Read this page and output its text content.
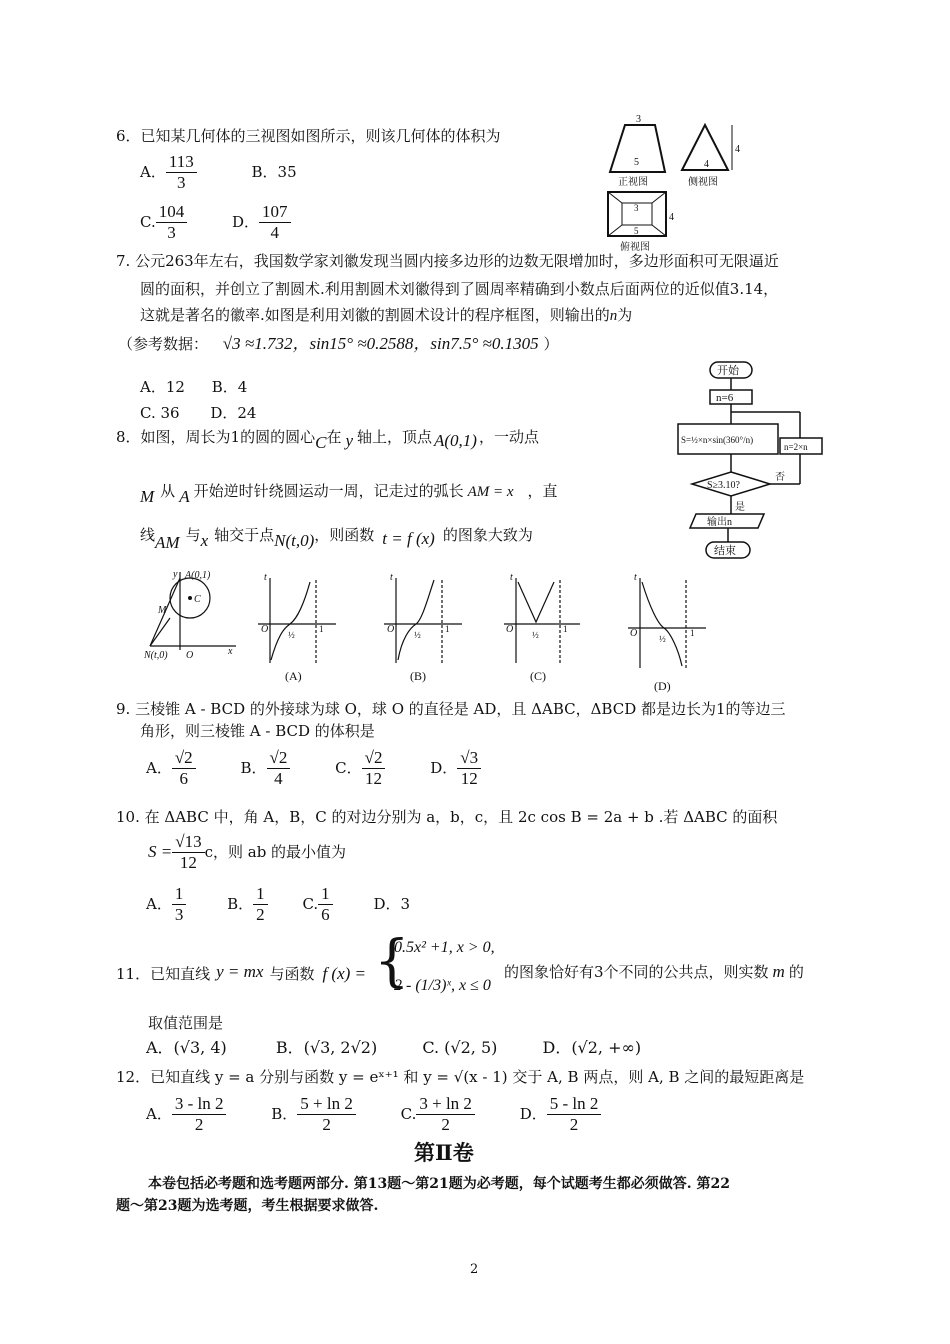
6．已知某几何体的三视图如图所示，则该几何体的体积为
A． $\frac{113}{3}$	B．35
C. $\frac{104}{3}$
	D． $\frac{107}{4}$
3
5
正视图
4
4
侧视图
3
5
4
俯视图
7. 公元263年左右，我国数学家刘徽发现当圆内接多边形的边数无限增加时，多边形面积可无限逼近
圆的面积，并创立了割圆术.利用割圆术刘徽得到了圆周率精确到小数点后面两位的近似值3.14，
这就是著名的徽率.如图是利用刘徽的割圆术设计的程序框图，则输出的n为
（参考数据： √3 ≈1.732，sin15° ≈0.2588，sin7.5° ≈0.1305 ）
A．12 B．4
C. 36 D．24
开始
n=6
S=½×n×sin(360°/n)
S≥3.10?
否
是
n=2×n
输出n
结束
8．如图，周长为1的圆的圆心C在 y 轴上，顶点 A(0,1) ，一动点
M 从 A 开始逆时针绕圆运动一周，记走过的弧长 AM = x ，直
线AM 与x 轴交于点N(t,0)，则函数 t = f (x) 的图象大致为
A(0,1)
y
C
M
N(t,0) O	x
t
O ½
1
(A)
t
O ½
1
(B)
t
O ½
1
(C)
t
O ½
1
(D)
9. 三棱锥 A - BCD 的外接球为球 O，球 O 的直径是 AD，且 ΔABC，ΔBCD 都是边长为1的等边三
角形，则三棱锥 A - BCD 的体积是
A． $\frac{√2}{6}$
	B． $\frac{√2}{4}$
	C． $\frac{√2}{12}$
	D． $\frac{√3}{12}$
10. 在 ΔABC 中，角 A，B，C 的对边分别为 a，b，c，且 2c cos B = 2a + b .若 ΔABC 的面积
$S = \frac{√13}{12}$ c，则 ab 的最小值为
A． $\frac{1}{3}$
	B． $\frac{1}{2}$
C. $\frac{1}{6}$	D．3
11．已知直线 y = mx 与函数 f (x) = {
0.5x² +1, x > 0,
2 - (1/3)ˣ, x ≤ 0
的图象恰好有3个不同的公共点，则实数 m 的
取值范围是
A．(√3, 4)	B．(√3, 2√2)	C. (√2, 5)	D．(√2, +∞)
12．已知直线 y = a 分别与函数 y = eˣ⁺¹ 和 y = √(x - 1) 交于 A, B 两点，则 A, B 之间的最短距离是
A． $\frac{3 - \ln 2}{2}$
	B． $\frac{5 + \ln 2}{2}$
	C. $\frac{3 + \ln 2}{2}$
	D． $\frac{5 - \ln 2}{2}$
第Ⅱ卷
本卷包括必考题和选考题两部分. 第13题～第21题为必考题，每个试题考生都必须做答. 第22
题～第23题为选考题，考生根据要求做答.
2
